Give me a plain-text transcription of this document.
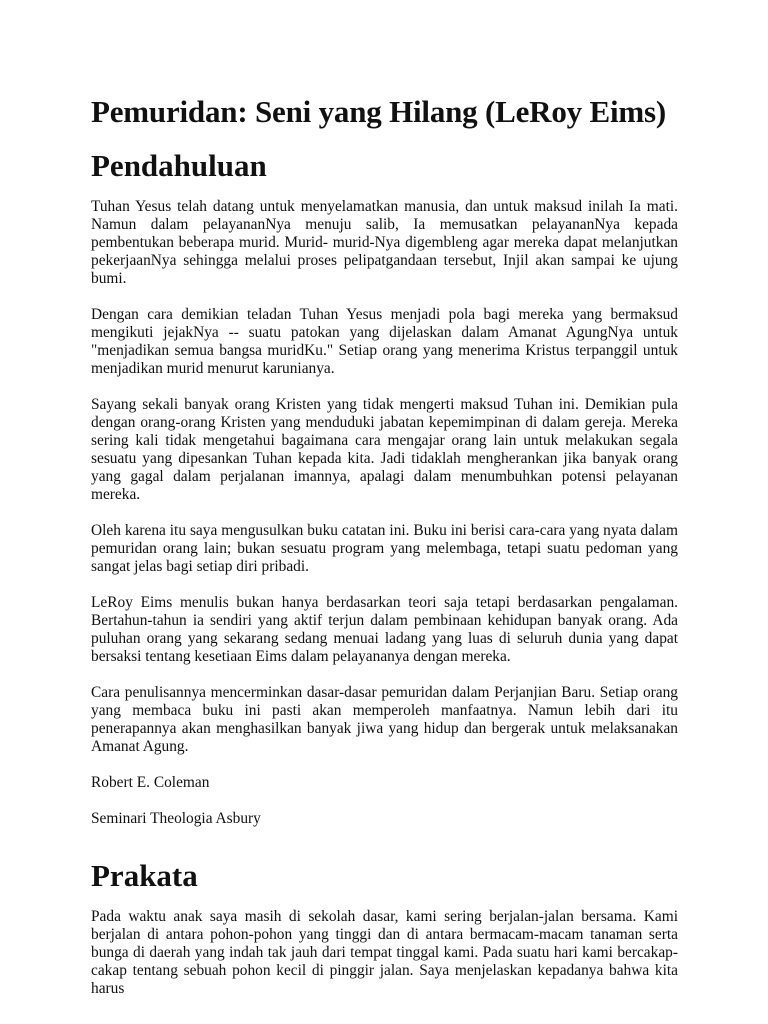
Pemuridan: Seni yang Hilang (LeRoy Eims)
Pendahuluan

Tuhan Yesus telah datang untuk menyelamatkan manusia, dan untuk maksud inilah Ia mati. Namun dalam pelayananNya menuju salib, Ia memusatkan pelayananNya kepada pembentukan beberapa murid. Murid- murid-Nya digembleng agar mereka dapat melanjutkan pekerjaanNya sehingga melalui proses pelipatgandaan tersebut, Injil akan sampai ke ujung bumi.

Dengan cara demikian teladan Tuhan Yesus menjadi pola bagi mereka yang bermaksud mengikuti jejakNya -- suatu patokan yang dijelaskan dalam Amanat AgungNya untuk "menjadikan semua bangsa muridKu." Setiap orang yang menerima Kristus terpanggil untuk menjadikan murid menurut karunianya.

Sayang sekali banyak orang Kristen yang tidak mengerti maksud Tuhan ini. Demikian pula dengan orang-orang Kristen yang menduduki jabatan kepemimpinan di dalam gereja. Mereka sering kali tidak mengetahui bagaimana cara mengajar orang lain untuk melakukan segala sesuatu yang dipesankan Tuhan kepada kita. Jadi tidaklah mengherankan jika banyak orang yang gagal dalam perjalanan imannya, apalagi dalam menumbuhkan potensi pelayanan mereka.

Oleh karena itu saya mengusulkan buku catatan ini. Buku ini berisi cara-cara yang nyata dalam pemuridan orang lain; bukan sesuatu program yang melembaga, tetapi suatu pedoman yang sangat jelas bagi setiap diri pribadi.

LeRoy Eims menulis bukan hanya berdasarkan teori saja tetapi berdasarkan pengalaman. Bertahun-tahun ia sendiri yang aktif terjun dalam pembinaan kehidupan banyak orang. Ada puluhan orang yang sekarang sedang menuai ladang yang luas di seluruh dunia yang dapat bersaksi tentang kesetiaan Eims dalam pelayananya dengan mereka.

Cara penulisannya mencerminkan dasar-dasar pemuridan dalam Perjanjian Baru. Setiap orang yang membaca buku ini pasti akan memperoleh manfaatnya. Namun lebih dari itu penerapannya akan menghasilkan banyak jiwa yang hidup dan bergerak untuk melaksanakan Amanat Agung.

Robert E. Coleman

Seminari Theologia Asbury

Prakata

Pada waktu anak saya masih di sekolah dasar, kami sering berjalan-jalan bersama. Kami berjalan di antara pohon-pohon yang tinggi dan di antara bermacam-macam tanaman serta bunga di daerah yang indah tak jauh dari tempat tinggal kami. Pada suatu hari kami bercakap-cakap tentang sebuah pohon kecil di pinggir jalan. Saya menjelaskan kepadanya bahwa kita harus
